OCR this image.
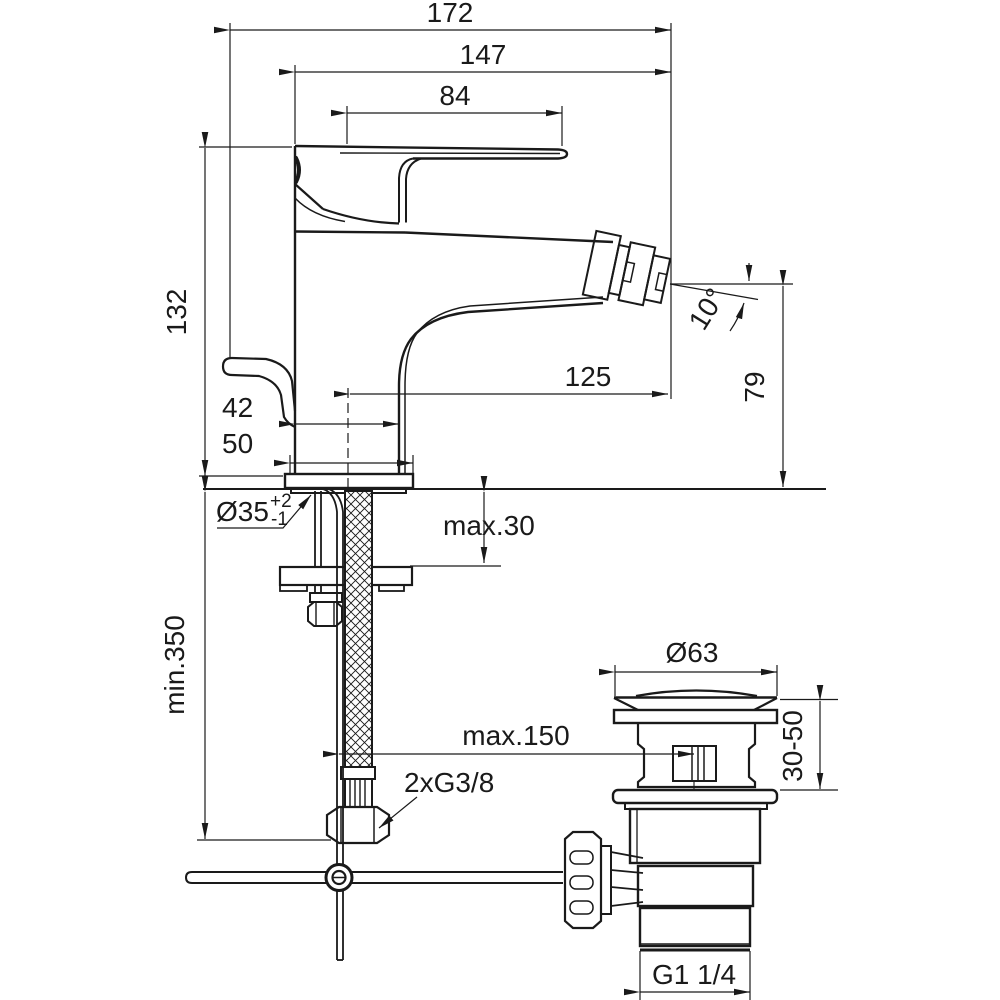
172
147
84
132
125
42
50
79
10°
Ø35 +2
-1	max.30
min.350
max.150
2xG3/8
Ø63
30-50
G1 1/4
